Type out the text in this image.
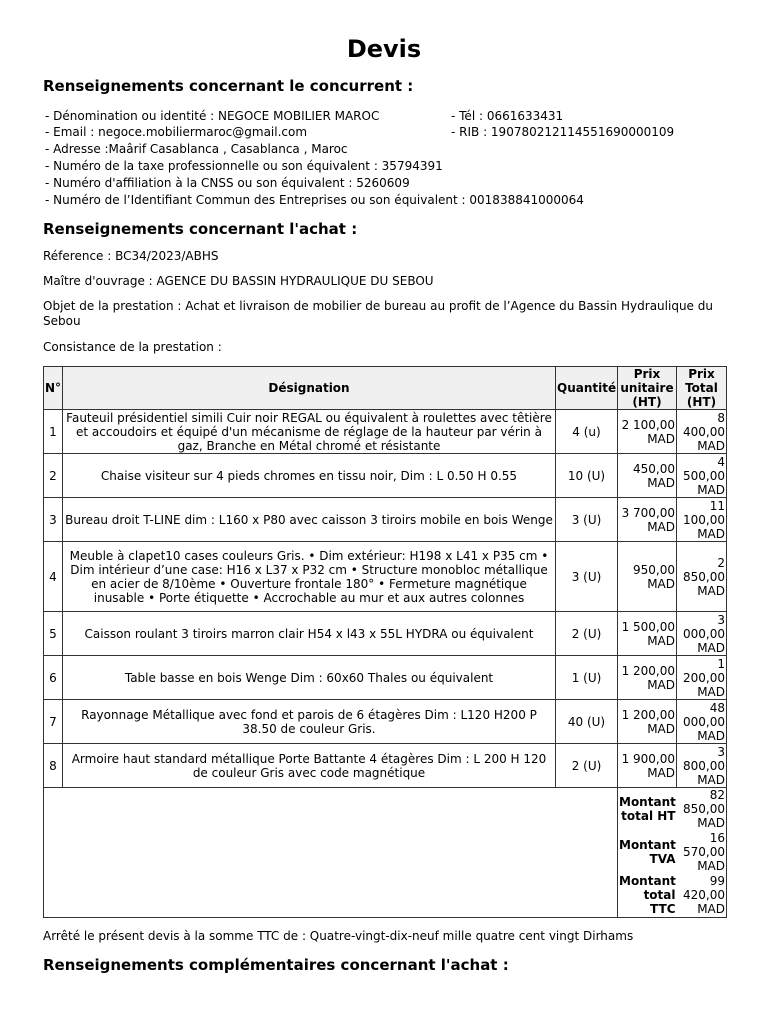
Devis
Renseignements concernant le concurrent :
- Dénomination ou identité : NEGOCE MOBILIER MAROC	- Tél : 0661633431
- Email : negoce.mobiliermaroc@gmail.com	- RIB : 190780212114551690000109
- Adresse :Maârif Casablanca , Casablanca , Maroc
- Numéro de la taxe professionnelle ou son équivalent : 35794391
- Numéro d'affiliation à la CNSS ou son équivalent : 5260609
- Numéro de l’Identifiant Commun des Entreprises ou son équivalent : 001838841000064
Renseignements concernant l'achat :
Réference : BC34/2023/ABHS
Maître d'ouvrage : AGENCE DU BASSIN HYDRAULIQUE DU SEBOU
Objet de la prestation : Achat et livraison de mobilier de bureau au profit de l’Agence du Bassin Hydraulique du Sebou
Consistance de la prestation :
N°	Désignation	Quantité	Prix unitaire (HT)	Prix Total (HT)
1	Fauteuil présidentiel simili Cuir noir REGAL ou équivalent à roulettes avec têtière et accoudoirs et équipé d'un mécanisme de réglage de la hauteur par vérin à gaz, Branche en Métal chromé et résistante	4 (u)	2 100,00 MAD	8 400,00 MAD
2	Chaise visiteur sur 4 pieds chromes en tissu noir, Dim : L 0.50 H 0.55	10 (U)	450,00 MAD	4 500,00 MAD
3	Bureau droit T-LINE dim : L160 x P80 avec caisson 3 tiroirs mobile en bois Wenge	3 (U)	3 700,00 MAD	11 100,00 MAD
4	Meuble à clapet10 cases couleurs Gris. • Dim extérieur: H198 x L41 x P35 cm • Dim intérieur d’une case: H16 x L37 x P32 cm • Structure monobloc métallique en acier de 8/10ème • Ouverture frontale 180° • Fermeture magnétique inusable • Porte étiquette • Accrochable au mur et aux autres colonnes	3 (U)	950,00 MAD	2 850,00 MAD
5	Caisson roulant 3 tiroirs marron clair H54 x l43 x 55L HYDRA ou équivalent	2 (U)	1 500,00 MAD	3 000,00 MAD
6	Table basse en bois Wenge Dim : 60x60 Thales ou équivalent	1 (U)	1 200,00 MAD	1 200,00 MAD
7	Rayonnage Métallique avec fond et parois de 6 étagères Dim : L120 H200 P 38.50 de couleur Gris.	40 (U)	1 200,00 MAD	48 000,00 MAD
8	Armoire haut standard métallique Porte Battante 4 étagères Dim : L 200 H 120 de couleur Gris avec code magnétique	2 (U)	1 900,00 MAD	3 800,00 MAD
			Montant total HT	82 850,00 MAD
			Montant TVA	16 570,00 MAD
			Montant total TTC	99 420,00 MAD
Arrêté le présent devis à la somme TTC de : Quatre-vingt-dix-neuf mille quatre cent vingt Dirhams
Renseignements complémentaires concernant l'achat :
